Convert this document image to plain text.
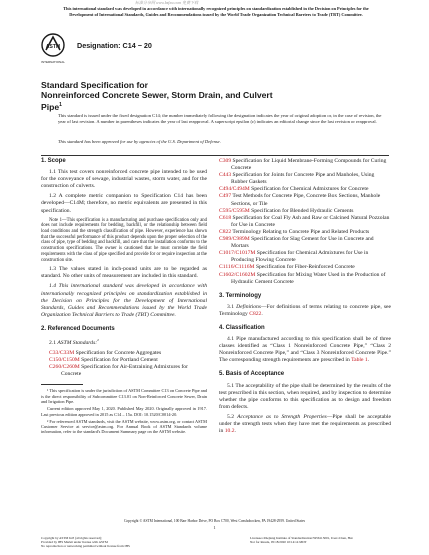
标准分享网 www.bzfxw.com 免费下载
This international standard was developed in accordance with internationally recognized principles on standardization established in the Decision on Principles for the
Development of International Standards, Guides and Recommendations issued by the World Trade Organization Technical Barriers to Trade (TBT) Committee.
ASTM
INTERNATIONAL
Designation: C14 − 20
Standard Specification for
Nonreinforced Concrete Sewer, Storm Drain, and Culvert
Pipe$^1$
This standard is issued under the fixed designation C14; the number immediately following the designation indicates the year of original adoption or, in the case of revision, the year of last revision. A number in parentheses indicates the year of last reapproval. A superscript epsilon (ε) indicates an editorial change since the last revision or reapproval.
This standard has been approved for use by agencies of the U.S. Department of Defense.
1. Scope

1.1 This test covers nonreinforced concrete pipe intended to be used for the conveyance of sewage, industrial wastes, storm water, and for the construction of culverts.

1.2 A complete metric companion to Specification C14 has been developed—C14M; therefore, no metric equivalents are presented in this specification.

Note 1—This specification is a manufacturing and purchase specification only and does not include requirements for bedding, backfill, or the relationship between field load conditions and the strength classification of pipe. However, experience has shown that the successful performance of this product depends upon the proper selection of the class of pipe, type of bedding and backfill, and care that the installation conforms to the construction specifications. The owner is cautioned that he must correlate the field requirements with the class of pipe specified and provide for or require inspection at the construction site.

1.3 The values stated in inch-pound units are to be regarded as standard. No other units of measurement are included in this standard.

1.4 This international standard was developed in accordance with internationally recognized principles on standardization established in the Decision on Principles for the Development of International Standards, Guides and Recommendations issued by the World Trade Organization Technical Barriers to Trade (TBT) Committee.

2. Referenced Documents

2.1 ASTM Standards:$^2$

C33/C33M Specification for Concrete Aggregates
C150/C150M Specification for Portland Cement
C260/C260M Specification for Air-Entraining Admixtures for Concrete
¹ This specification is under the jurisdiction of ASTM Committee C13 on Concrete Pipe and is the direct responsibility of Subcommittee C13.01 on Non-Reinforced Concrete Sewer, Drain and Irrigation Pipe.
Current edition approved May 1, 2020. Published May 2020. Originally approved in 1917. Last previous edition approved in 2015 as C14 – 15a. DOI: 10.1520/C0014-20.
² For referenced ASTM standards, visit the ASTM website, www.astm.org, or contact ASTM Customer Service at service@astm.org. For Annual Book of ASTM Standards volume information, refer to the standard's Document Summary page on the ASTM website.
C309 Specification for Liquid Membrane-Forming Compounds for Curing Concrete
C443 Specification for Joints for Concrete Pipe and Manholes, Using Rubber Gaskets
C494/C494M Specification for Chemical Admixtures for Concrete
C497 Test Methods for Concrete Pipe, Concrete Box Sections, Manhole Sections, or Tile
C595/C595M Specification for Blended Hydraulic Cements
C618 Specification for Coal Fly Ash and Raw or Calcined Natural Pozzolan for Use in Concrete
C822 Terminology Relating to Concrete Pipe and Related Products
C989/C989M Specification for Slag Cement for Use in Concrete and Mortars
C1017/C1017M Specification for Chemical Admixtures for Use in Producing Flowing Concrete
C1116/C1116M Specification for Fiber-Reinforced Concrete
C1602/C1602M Specification for Mixing Water Used in the Production of Hydraulic Cement Concrete
3. Terminology

3.1 Definitions—For definitions of terms relating to concrete pipe, see Terminology C822.

4. Classification

4.1 Pipe manufactured according to this specification shall be of three classes identified as “Class 1 Nonreinforced Concrete Pipe,” “Class 2 Nonreinforced Concrete Pipe,” and “Class 3 Nonreinforced Concrete Pipe.” The corresponding strength requirements are prescribed in Table 1.

5. Basis of Acceptance

5.1 The acceptability of the pipe shall be determined by the results of the test prescribed in this section, when required, and by inspection to determine whether the pipe conforms to this specification as to design and freedom from defects.

5.2 Acceptance as to Strength Properties—Pipe shall be acceptable under the strength tests when they have met the requirements as prescribed in 10.2.

Copyright © ASTM International, 100 Barr Harbor Drive, PO Box C700, West Conshohocken, PA 19428-2959. United States
1
Copyright by ASTM Int'l (all rights reserved);
Provided by IHS Markit under license with ASTM
No reproduction or networking permitted without license from IHS
Licensee=Zhejiang Institute of Standardization/5956115001, User=Chen, Hui
Not for Resale, 05/18/2020 10:14:14 MDT
